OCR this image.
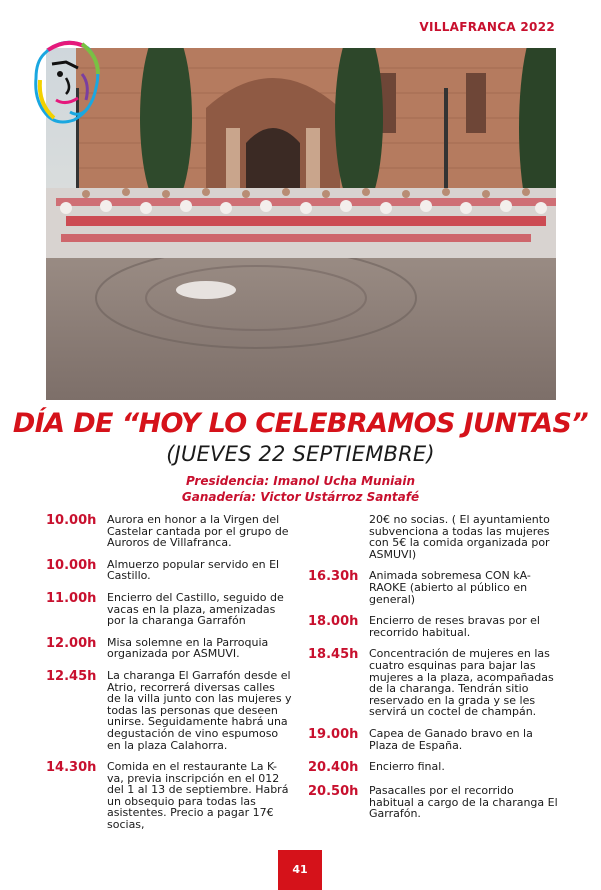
VILLAFRANCA 2022
DÍA DE “HOY LO CELEBRAMOS JUNTAS”
(JUEVES 22 SEPTIEMBRE)
Presidencia: Imanol Ucha Muniain
Ganadería: Victor Ustárroz Santafé
10.00h Aurora en honor a la Virgen del Castelar cantada por el grupo de Auroros de Villafranca.
10.00h Almuerzo popular servido en El Castillo.
11.00h Encierro del Castillo, seguido de vacas en la plaza, amenizadas por la charanga Garrafón
12.00h Misa solemne en la Parroquia organizada por ASMUVI.
12.45h La charanga El Garrafón desde el Atrio, recorrerá diversas calles de la villa junto con las mujeres y todas las personas que deseen unirse. Seguidamente habrá una degustación de vino espumoso en la plaza Calahorra.
14.30h Comida en el restaurante La K-va, previa inscripción en el 012 del 1 al 13 de septiembre. Habrá un obsequio para todas las asistentes. Precio a pagar 17€ socias,
20€ no socias. ( El ayuntamiento subvenciona a todas las mujeres con 5€ la comida organizada por ASMUVI)
16.30h Animada sobremesa CON kA-RAOKE (abierto al público en general)
18.00h Encierro de reses bravas por el recorrido habitual.
18.45h Concentración de mujeres en las cuatro esquinas para bajar las mujeres a la plaza, acompañadas de la charanga. Tendrán sitio reservado en la grada y se les servirá un coctel de champán.
19.00h Capea de Ganado bravo en la Plaza de España.
20.40h Encierro final.
20.50h Pasacalles por el recorrido habitual a cargo de la charanga El Garrafón.
41
